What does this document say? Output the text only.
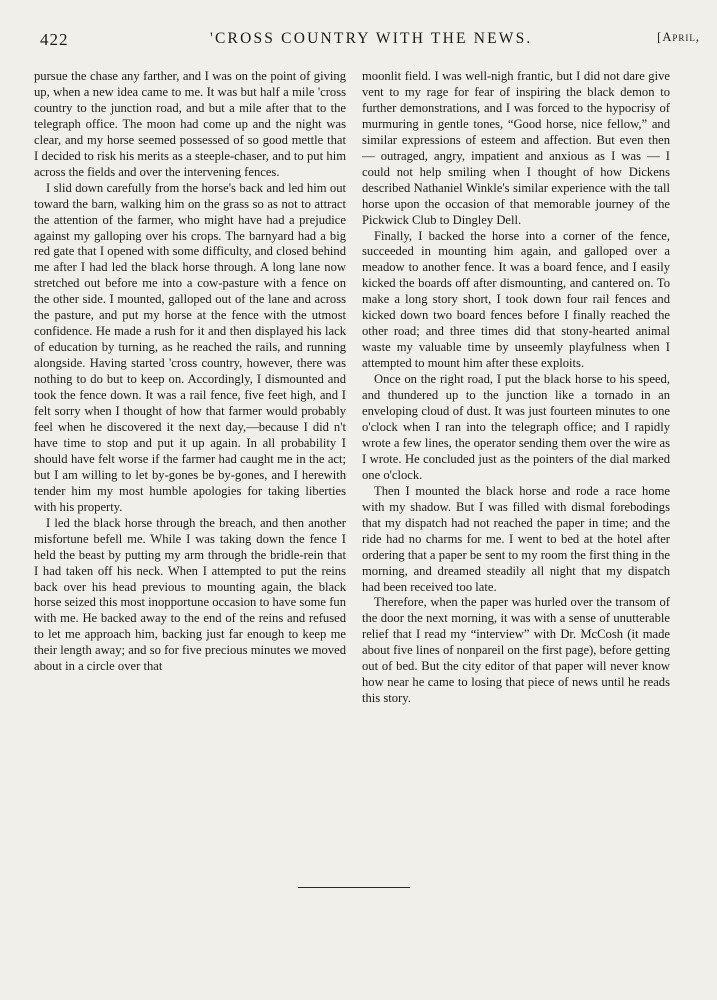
422	'CROSS COUNTRY WITH THE NEWS.	[April,

pursue the chase any farther, and I was on the point of giving up, when a new idea came to me. It was but half a mile 'cross country to the junction road, and but a mile after that to the telegraph office. The moon had come up and the night was clear, and my horse seemed possessed of so good mettle that I decided to risk his merits as a steeple-chaser, and to put him across the fields and over the intervening fences.

I slid down carefully from the horse's back and led him out toward the barn, walking him on the grass so as not to attract the attention of the farmer, who might have had a prejudice against my galloping over his crops. The barnyard had a big red gate that I opened with some difficulty, and closed behind me after I had led the black horse through. A long lane now stretched out before me into a cow-pasture with a fence on the other side. I mounted, galloped out of the lane and across the pasture, and put my horse at the fence with the utmost confidence. He made a rush for it and then displayed his lack of education by turning, as he reached the rails, and running alongside. Having started 'cross country, however, there was nothing to do but to keep on. Accordingly, I dismounted and took the fence down. It was a rail fence, five feet high, and I felt sorry when I thought of how that farmer would probably feel when he discovered it the next day,—because I did n't have time to stop and put it up again. In all probability I should have felt worse if the farmer had caught me in the act; but I am willing to let by-gones be by-gones, and I herewith tender him my most humble apologies for taking liberties with his property.

I led the black horse through the breach, and then another misfortune befell me. While I was taking down the fence I held the beast by putting my arm through the bridle-rein that I had taken off his neck. When I attempted to put the reins back over his head previous to mounting again, the black horse seized this most inopportune occasion to have some fun with me. He backed away to the end of the reins and refused to let me approach him, backing just far enough to keep me their length away; and so for five precious minutes we moved about in a circle over that

moonlit field. I was well-nigh frantic, but I did not dare give vent to my rage for fear of inspiring the black demon to further demonstrations, and I was forced to the hypocrisy of murmuring in gentle tones, “Good horse, nice fellow,” and similar expressions of esteem and affection. But even then — outraged, angry, impatient and anxious as I was — I could not help smiling when I thought of how Dickens described Nathaniel Winkle's similar experience with the tall horse upon the occasion of that memorable journey of the Pickwick Club to Dingley Dell.

Finally, I backed the horse into a corner of the fence, succeeded in mounting him again, and galloped over a meadow to another fence. It was a board fence, and I easily kicked the boards off after dismounting, and cantered on. To make a long story short, I took down four rail fences and kicked down two board fences before I finally reached the other road; and three times did that stony-hearted animal waste my valuable time by unseemly playfulness when I attempted to mount him after these exploits.

Once on the right road, I put the black horse to his speed, and thundered up to the junction like a tornado in an enveloping cloud of dust. It was just fourteen minutes to one o'clock when I ran into the telegraph office; and I rapidly wrote a few lines, the operator sending them over the wire as I wrote. He concluded just as the pointers of the dial marked one o'clock.

Then I mounted the black horse and rode a race home with my shadow. But I was filled with dismal forebodings that my dispatch had not reached the paper in time; and the ride had no charms for me. I went to bed at the hotel after ordering that a paper be sent to my room the first thing in the morning, and dreamed steadily all night that my dispatch had been received too late.

Therefore, when the paper was hurled over the transom of the door the next morning, it was with a sense of unutterable relief that I read my “interview” with Dr. McCosh (it made about five lines of nonpareil on the first page), before getting out of bed. But the city editor of that paper will never know how near he came to losing that piece of news until he reads this story.
